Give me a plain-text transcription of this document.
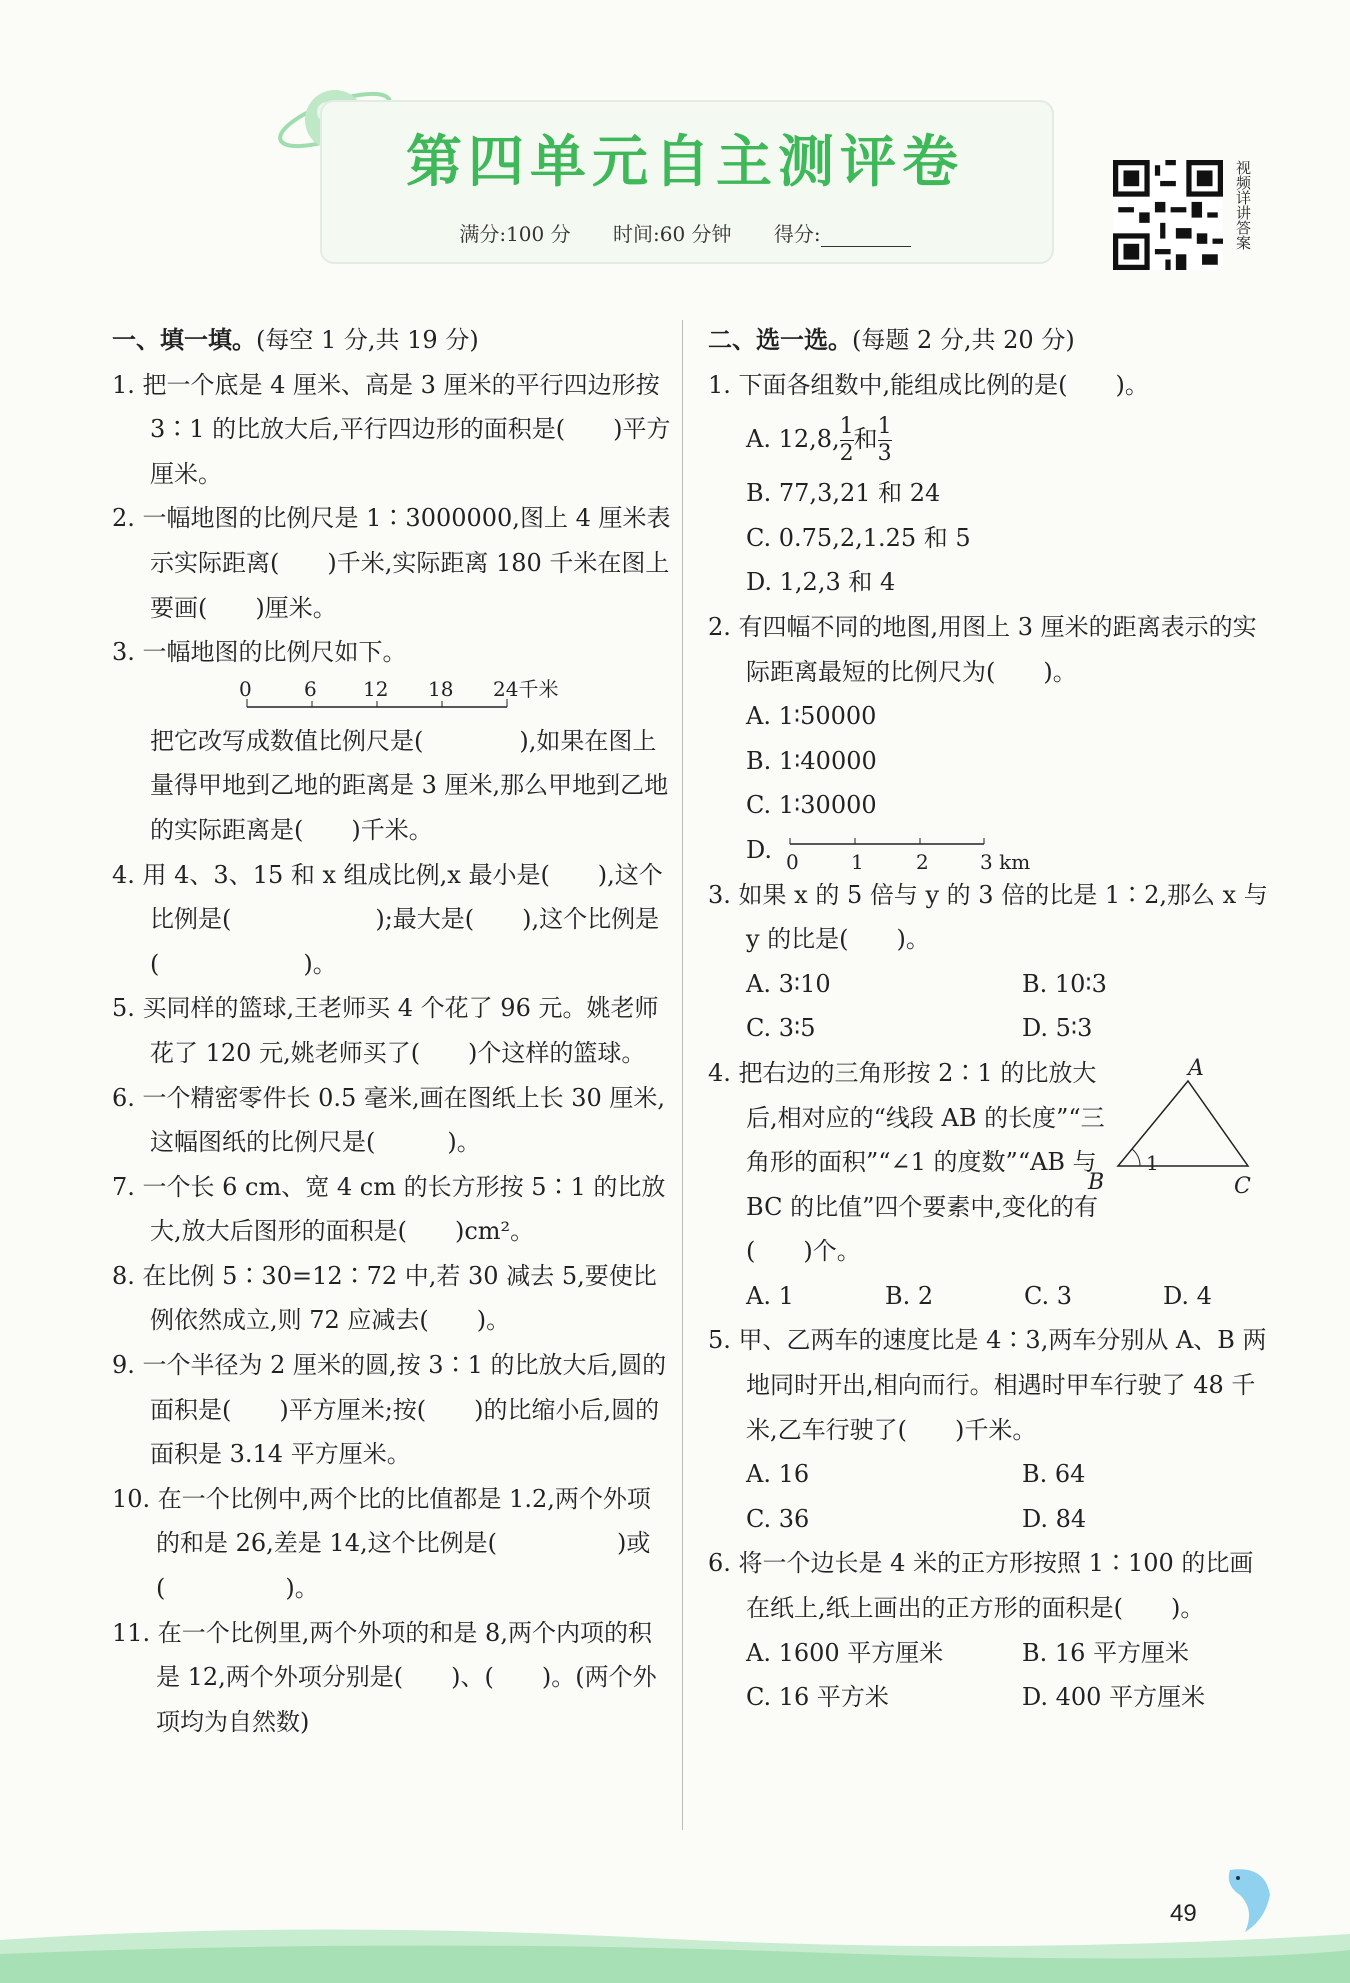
第四单元自主测评卷
满分:100 分 时间:60 分钟 得分:	视频详讲答案
一、填一填。(每空 1 分,共 19 分)
1. 把一个底是 4 厘米、高是 3 厘米的平行四边形按 3∶1 的比放大后,平行四边形的面积是(　　)平方厘米。
2. 一幅地图的比例尺是 1∶3000000,图上 4 厘米表示实际距离(　　)千米,实际距离 180 千米在图上要画(　　)厘米。
3. 一幅地图的比例尺如下。
0	6 12 18 24千米
把它改写成数值比例尺是(　　　　),如果在图上量得甲地到乙地的距离是 3 厘米,那么甲地到乙地的实际距离是(　　)千米。
4. 用 4、3、15 和 x 组成比例,x 最小是(　　),这个比例是(　　　　　　);最大是(　　),这个比例是(　　　　　　)。
5. 买同样的篮球,王老师买 4 个花了 96 元。姚老师花了 120 元,姚老师买了(　　)个这样的篮球。
6. 一个精密零件长 0.5 毫米,画在图纸上长 30 厘米,这幅图纸的比例尺是(　　　)。
7. 一个长 6 cm、宽 4 cm 的长方形按 5∶1 的比放大,放大后图形的面积是(　　)cm²。
8. 在比例 5∶30=12∶72 中,若 30 减去 5,要使比例依然成立,则 72 应减去(　　)。
9. 一个半径为 2 厘米的圆,按 3∶1 的比放大后,圆的面积是(　　)平方厘米;按(　　)的比缩小后,圆的面积是 3.14 平方厘米。
10. 在一个比例中,两个比的比值都是 1.2,两个外项的和是 26,差是 14,这个比例是(　　　　　)或(　　　　　)。
11. 在一个比例里,两个外项的和是 8,两个内项的积是 12,两个外项分别是(　　)、(　　)。(两个外项均为自然数)
二、选一选。(每题 2 分,共 20 分)
1. 下面各组数中,能组成比例的是(　　)。
A. 12,8, $\frac{1}{2}$ 和 $\frac{1}{3}$
B. 77,3,21 和 24
C. 0.75,2,1.25 和 5
D. 1,2,3 和 4
2. 有四幅不同的地图,用图上 3 厘米的距离表示的实际距离最短的比例尺为(　　)。
A. 1∶50000
B. 1∶40000
C. 1∶30000
D. 0	1	2	3 km
3. 如果 x 的 5 倍与 y 的 3 倍的比是 1∶2,那么 x 与 y 的比是(　　)。
A. 3∶10	B. 10∶3
C. 3∶5	D. 5∶3
4. 把右边的三角形按 2∶1 的比放大后,相对应的“线段 AB 的长度”“三角形的面积”“∠1 的度数”“AB 与 BC 的比值”四个要素中,变化的有(　　)个。
A
B	C
1
A. 1	B. 2	C. 3	D. 4
5. 甲、乙两车的速度比是 4∶3,两车分别从 A、B 两地同时开出,相向而行。相遇时甲车行驶了 48 千米,乙车行驶了(　　)千米。
A. 16	B. 64
C. 36	D. 84
6. 将一个边长是 4 米的正方形按照 1∶100 的比画在纸上,纸上画出的正方形的面积是(　　)。
A. 1600 平方厘米	B. 16 平方厘米
C. 16 平方米	D. 400 平方厘米
49
